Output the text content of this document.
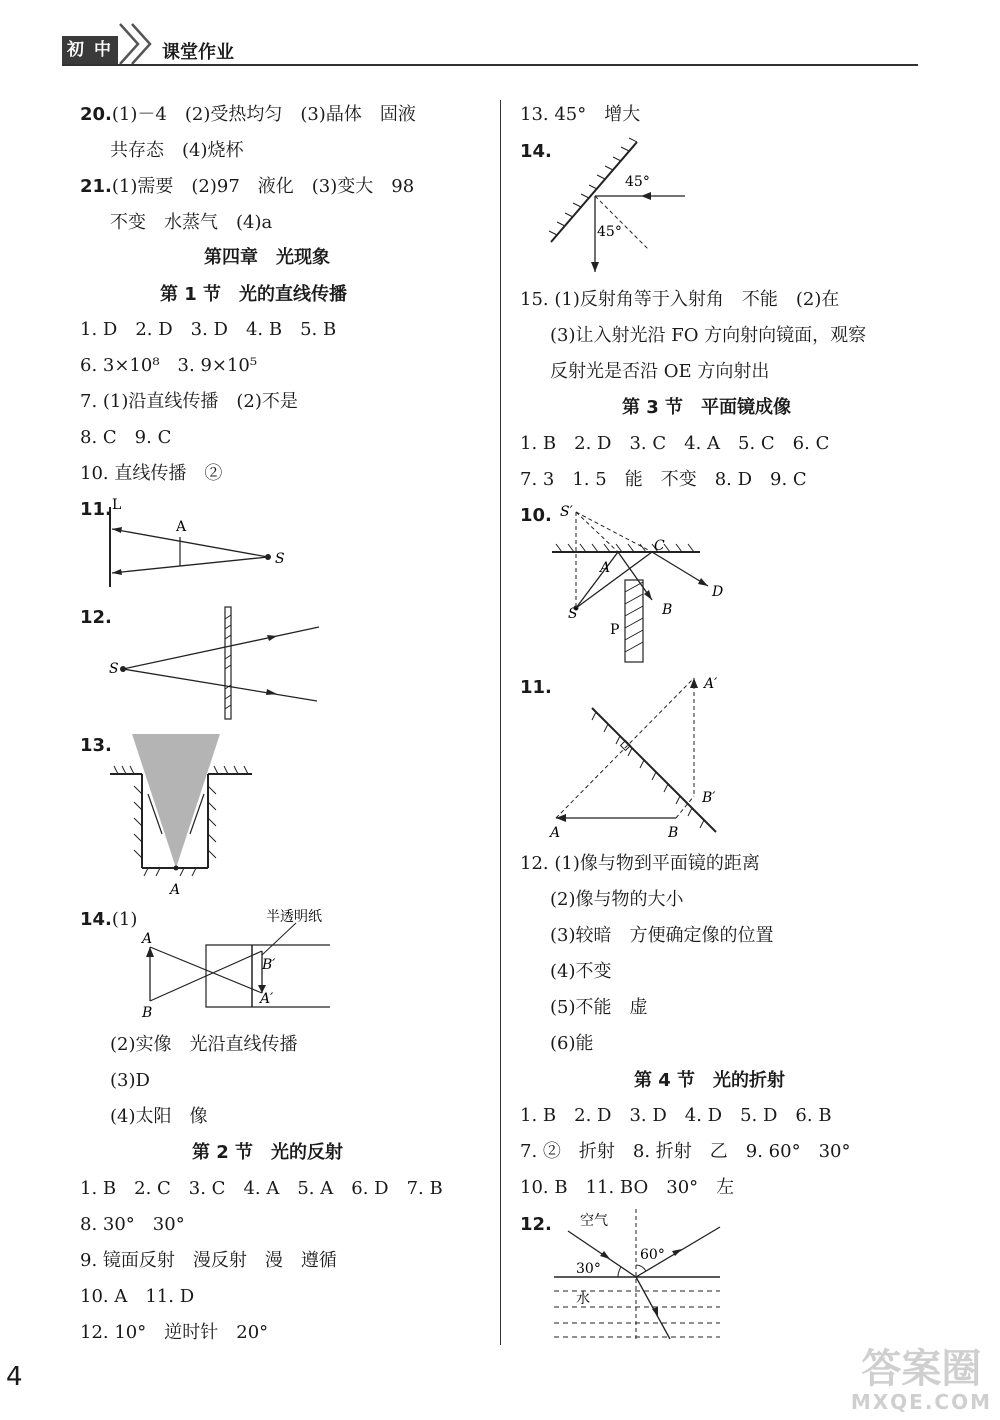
初 中	课堂作业
20.(1)－4　(2)受热均匀　(3)晶体　固液
共存态　(4)烧杯
21.(1)需要　(2)97　液化　(3)变大　98
不变　水蒸气　(4)a
第四章　光现象
第 1 节　光的直线传播
1. D　2. D　3. D　4. B　5. B
6. 3×10⁸　3. 9×10⁵
7. (1)沿直线传播　(2)不是
8. C　9. C
10. 直线传播　②
11. L
A
S
12.
S
13.
A
14.(1)
A
B
B′
A′
半透明纸
(2)实像　光沿直线传播
(3)D
(4)太阳　像
第 2 节　光的反射
1. B　2. C　3. C　4. A　5. A　6. D　7. B
8. 30°　30°
9. 镜面反射　漫反射　漫　遵循
10. A　11. D
12. 10°　逆时针　20°
13. 45°　增大
14.
45°
45°
15. (1)反射角等于入射角　不能　(2)在
(3)让入射光沿 FO 方向射向镜面，观察
反射光是否沿 OE 方向射出
第 3 节　平面镜成像
1. B　2. D　3. C　4. A　5. C　6. C
7. 3　1. 5　能　不变　8. D　9. C
10. S′
C
A
D
S	B
P
11.	A′
B′
A	B
12. (1)像与物到平面镜的距离
(2)像与物的大小
(3)较暗　方便确定像的位置
(4)不变
(5)不能　虚
(6)能
第 4 节　光的折射
1. B　2. D　3. D　4. D　5. D　6. B
7. ②　折射　8. 折射　乙　9. 60°　30°
10. B　11. BO　30°　左
12. 空气
60°
30°
水
4	答案圈
MXQE.COM
